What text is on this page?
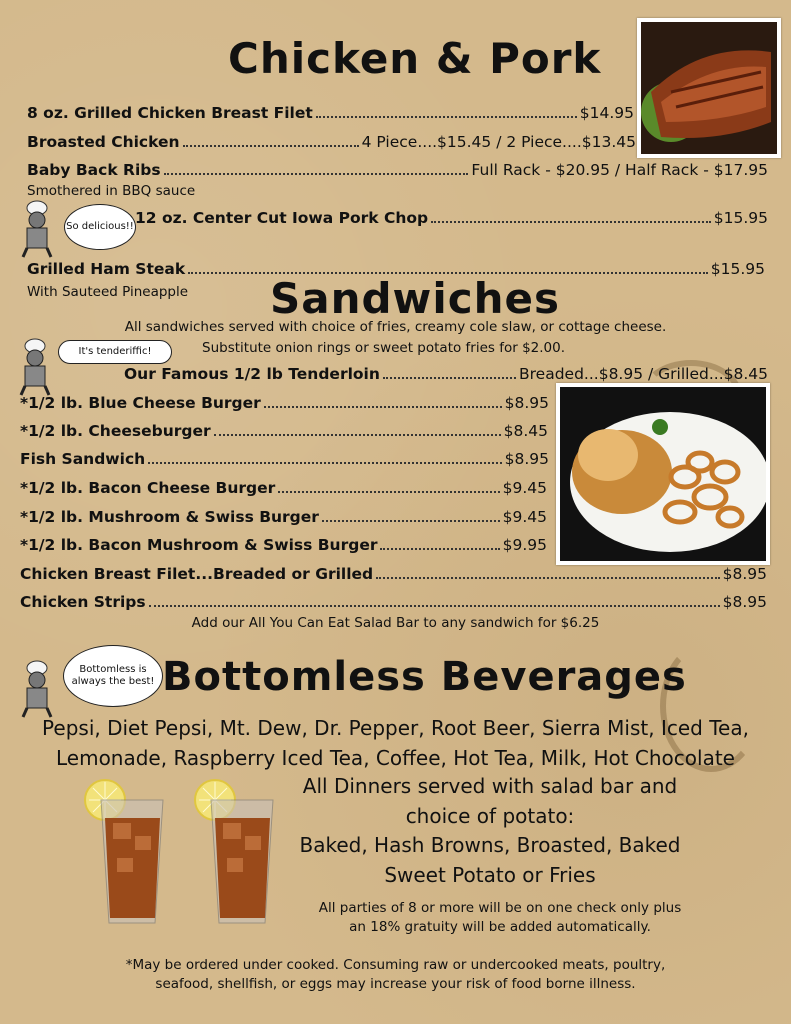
Chicken & Pork
8 oz. Grilled Chicken Breast Filet	$14.95
Broasted Chicken	4 Piece....$15.45 / 2 Piece....$13.45
Baby Back Ribs	Full Rack - $20.95 / Half Rack - $17.95
Smothered in BBQ sauce
So delicious!! 12 oz. Center Cut Iowa Pork Chop	$15.95
Grilled Ham Steak	$15.95
With Sauteed Pineapple Sandwiches
All sandwiches served with choice of fries, creamy cole slaw, or cottage cheese.
It's tenderiffic!	Substitute onion rings or sweet potato fries for $2.00.
Our Famous 1/2 lb Tenderloin	Breaded...$8.95 / Grilled...$8.45
*1/2 lb. Blue Cheese Burger	$8.95
*1/2 lb. Cheeseburger	$8.45
Fish Sandwich	$8.95
*1/2 lb. Bacon Cheese Burger	$9.45
*1/2 lb. Mushroom & Swiss Burger	$9.45
*1/2 lb. Bacon Mushroom & Swiss Burger	$9.95
Chicken Breast Filet...Breaded or Grilled	$8.95
Chicken Strips	$8.95
Add our All You Can Eat Salad Bar to any sandwich for $6.25
Bottomless is always the best! Bottomless Beverages
Pepsi, Diet Pepsi, Mt. Dew, Dr. Pepper, Root Beer, Sierra Mist, Iced Tea,
Lemonade, Raspberry Iced Tea, Coffee, Hot Tea, Milk, Hot Chocolate
All Dinners served with salad bar and
choice of potato:
Baked, Hash Browns, Broasted, Baked
Sweet Potato or Fries
All parties of 8 or more will be on one check only plus
an 18% gratuity will be added automatically.
*May be ordered under cooked. Consuming raw or undercooked meats, poultry,
seafood, shellfish, or eggs may increase your risk of food borne illness.
